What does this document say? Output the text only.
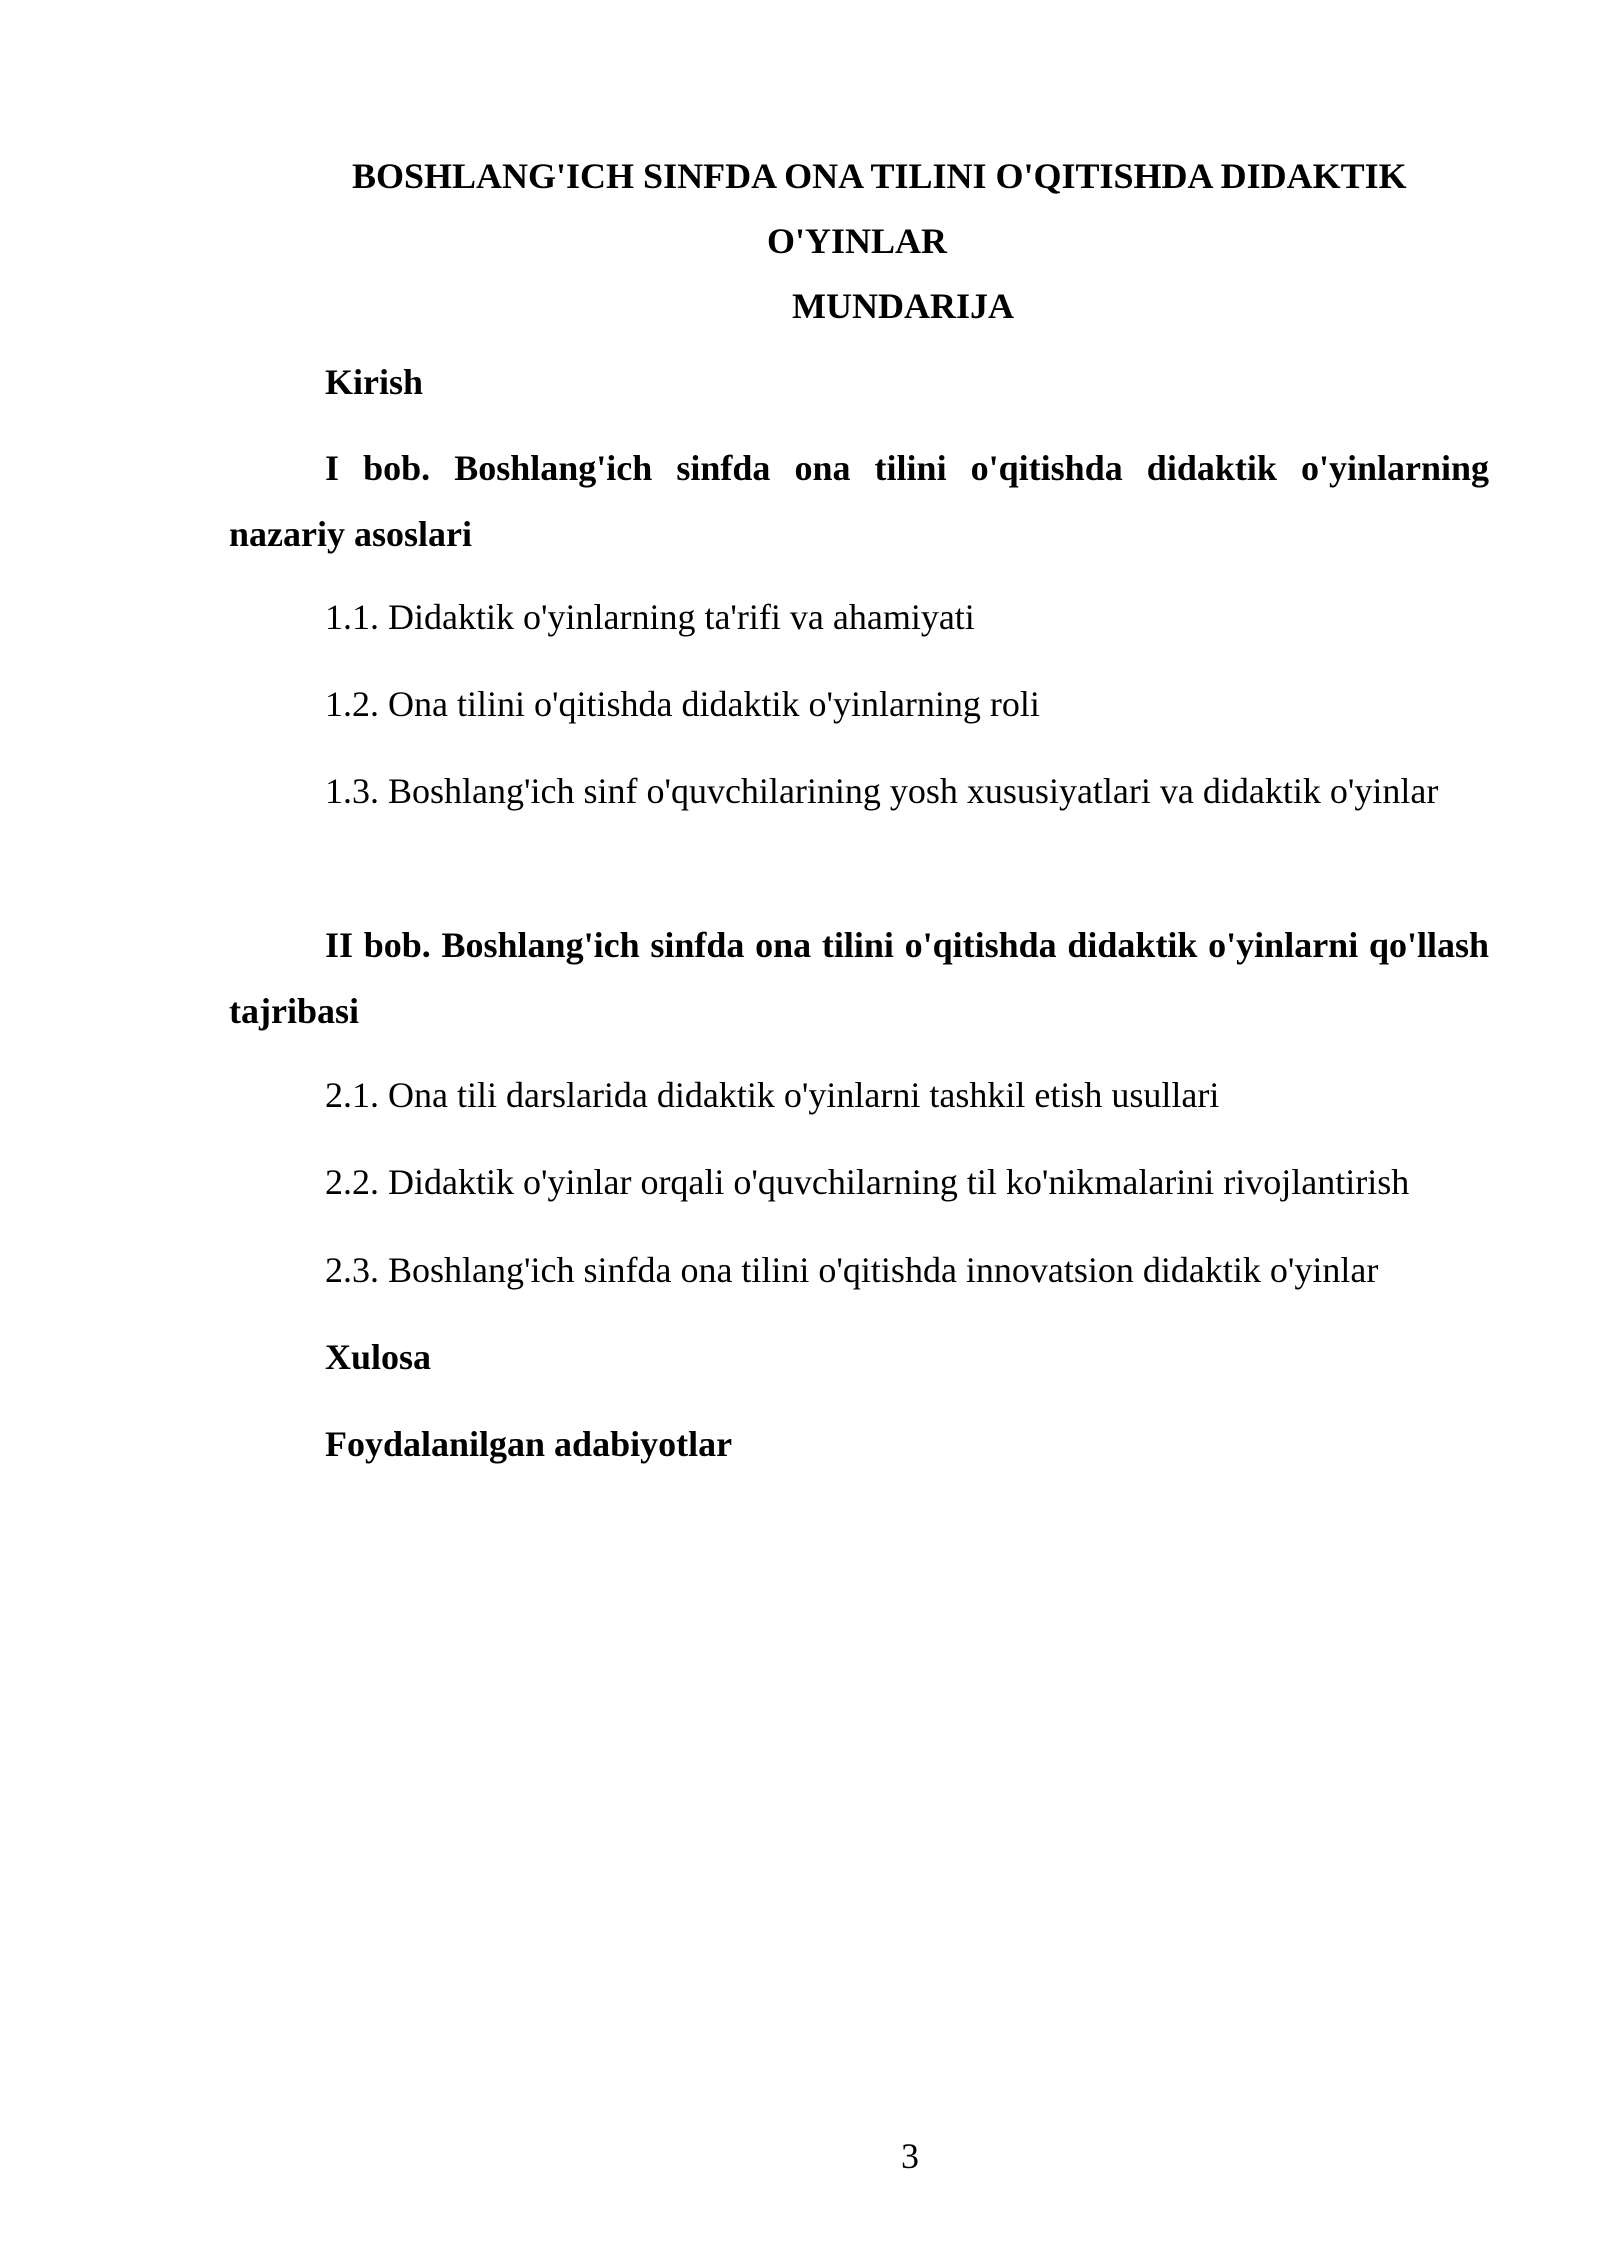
BOSHLANG'ICH SINFDA ONA TILINI O'QITISHDA DIDAKTIK
O'YINLAR
MUNDARIJA

Kirish

I bob. Boshlang'ich sinfda ona tilini o'qitishda didaktik o'yinlarning nazariy asoslari

1.1. Didaktik o'yinlarning ta'rifi va ahamiyati

1.2. Ona tilini o'qitishda didaktik o'yinlarning roli

1.3. Boshlang'ich sinf o'quvchilarining yosh xususiyatlari va didaktik o'yinlar

II bob. Boshlang'ich sinfda ona tilini o'qitishda didaktik o'yinlarni qo'llash tajribasi

2.1. Ona tili darslarida didaktik o'yinlarni tashkil etish usullari

2.2. Didaktik o'yinlar orqali o'quvchilarning til ko'nikmalarini rivojlantirish

2.3. Boshlang'ich sinfda ona tilini o'qitishda innovatsion didaktik o'yinlar

Xulosa

Foydalanilgan adabiyotlar

3
